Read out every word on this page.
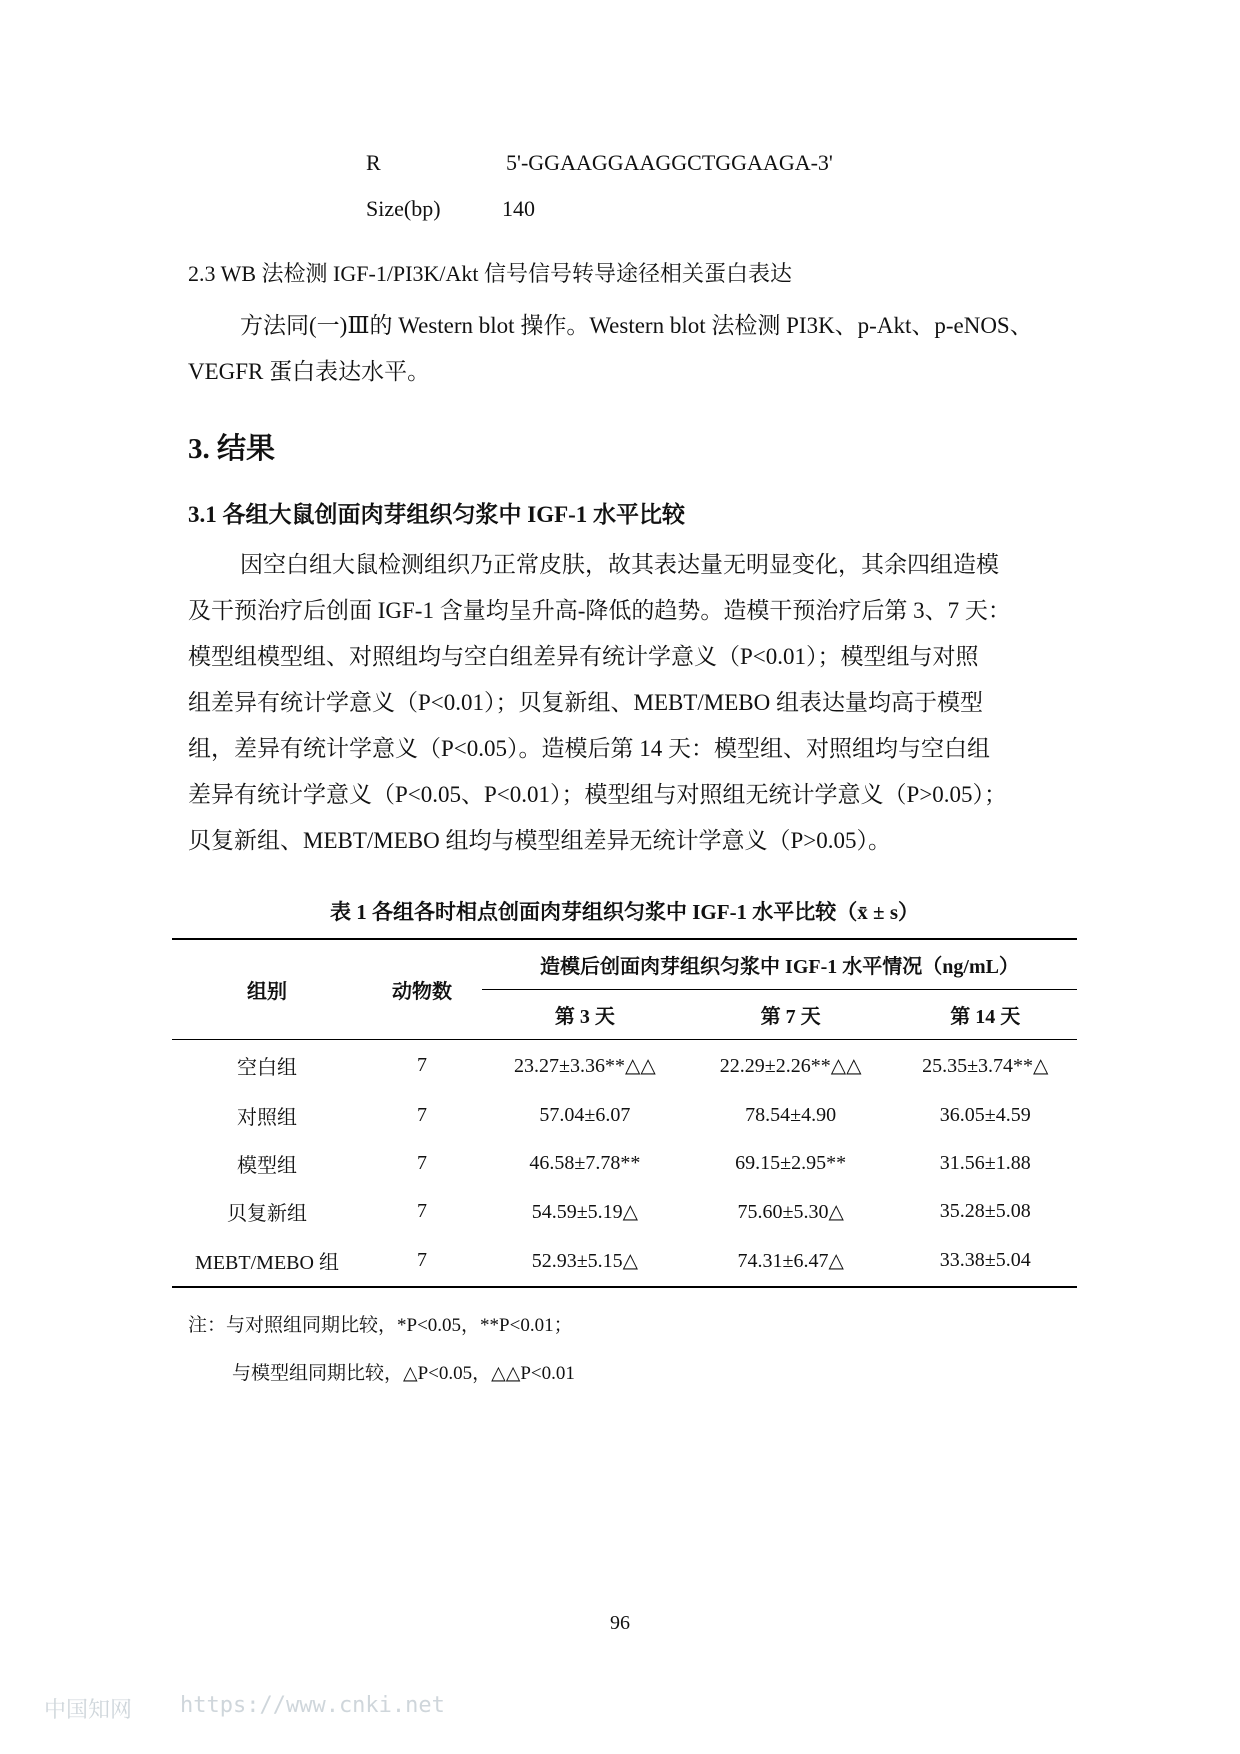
R	5'-GGAAGGAAGGCTGGAAGA-3'
Size(bp)	140
2.3 WB 法检测 IGF-1/PI3K/Akt 信号信号转导途径相关蛋白表达
方法同(一)Ⅲ的 Western blot 操作。Western blot 法检测 PI3K、p-Akt、p-eNOS、
VEGFR 蛋白表达水平。
3. 结果
3.1 各组大鼠创面肉芽组织匀浆中 IGF-1 水平比较
因空白组大鼠检测组织乃正常皮肤，故其表达量无明显变化，其余四组造模
及干预治疗后创面 IGF-1 含量均呈升高-降低的趋势。造模干预治疗后第 3、7 天：
模型组模型组、对照组均与空白组差异有统计学意义（P<0.01）；模型组与对照
组差异有统计学意义（P<0.01）；贝复新组、MEBT/MEBO 组表达量均高于模型
组，差异有统计学意义（P<0.05）。造模后第 14 天：模型组、对照组均与空白组
差异有统计学意义（P<0.05、P<0.01）；模型组与对照组无统计学意义（P>0.05）；
贝复新组、MEBT/MEBO 组均与模型组差异无统计学意义（P>0.05）。
表 1 各组各时相点创面肉芽组织匀浆中 IGF-1 水平比较（x̄ ± s）
组别	动物数	造模后创面肉芽组织匀浆中 IGF-1 水平情况（ng/mL）		
		第 3 天	第 7 天	第 14 天
空白组	7	23.27±3.36**△△	22.29±2.26**△△	25.35±3.74**△
对照组	7	57.04±6.07	78.54±4.90	36.05±4.59
模型组	7	46.58±7.78**	69.15±2.95**	31.56±1.88
贝复新组	7	54.59±5.19△	75.60±5.30△	35.28±5.08
MEBT/MEBO 组	7	52.93±5.15△	74.31±6.47△	33.38±5.04
注：与对照组同期比较，*P<0.05，**P<0.01；
与模型组同期比较，△P<0.05，△△P<0.01
96
中国知网 https://www.cnki.net
